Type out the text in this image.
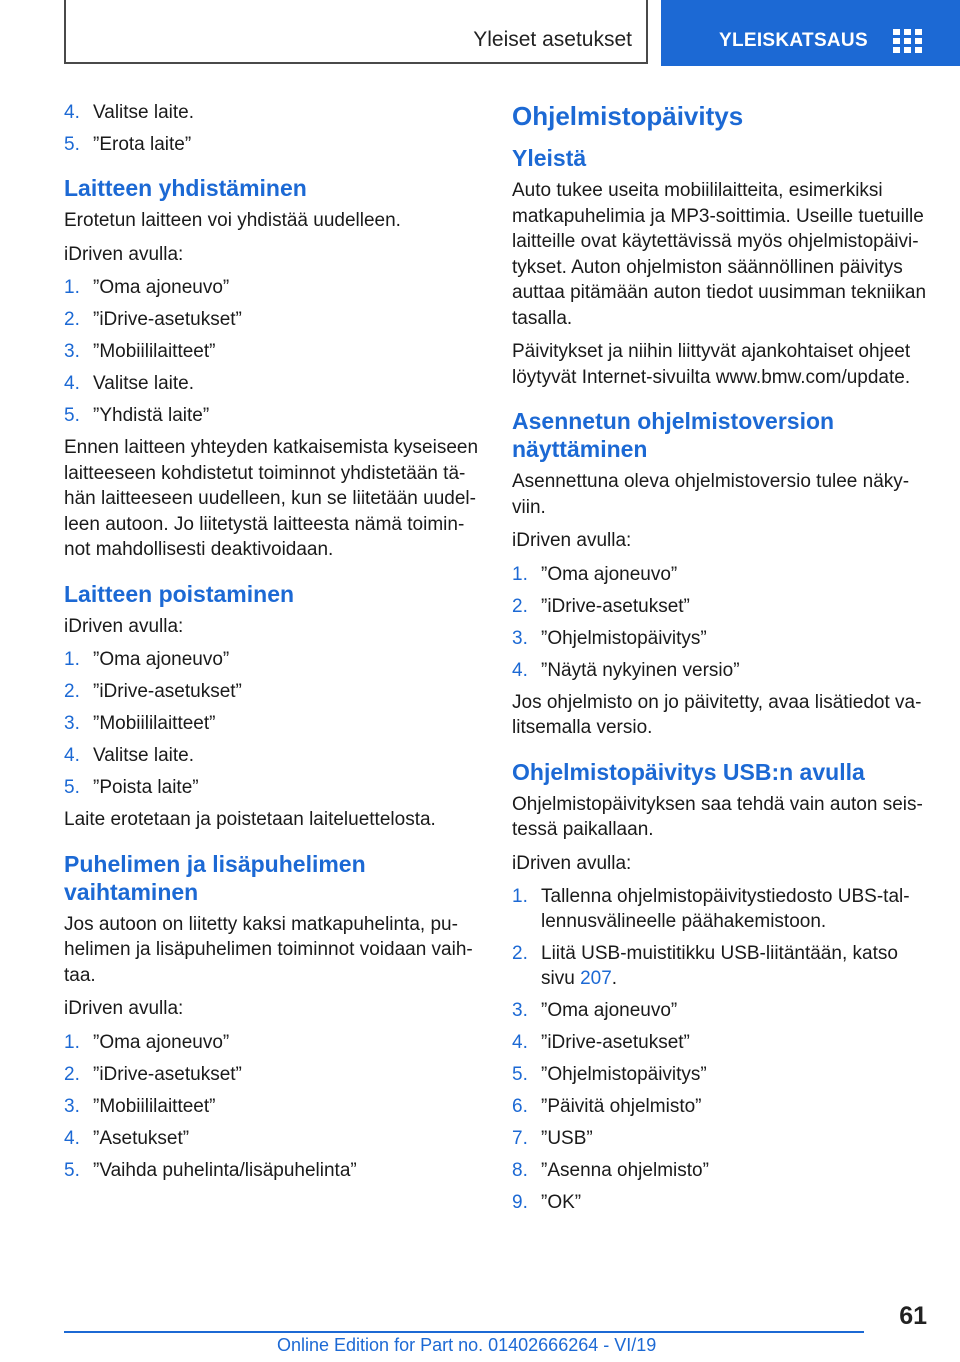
Yleiset asetukset	YLEISKATSAUS
4. Valitse laite.
5. ”Erota laite”
Laitteen yhdistäminen

Erotetun laitteen voi yhdistää uudelleen.

iDriven avulla:

1. ”Oma ajoneuvo”
2. ”iDrive-asetukset”
3. ”Mobiililaitteet”
4. Valitse laite.
5. ”Yhdistä laite”

Ennen laitteen yhteyden katkaisemista kyseiseen laitteeseen kohdistetut toiminnot yhdistetään tähän laitteeseen uudelleen, kun se liitetään uudelleen autoon. Jo liitetystä laitteesta nämä toiminnot mahdollisesti deaktivoidaan.

Laitteen poistaminen

iDriven avulla:

1. ”Oma ajoneuvo”
2. ”iDrive-asetukset”
3. ”Mobiililaitteet”
4. Valitse laite.
5. ”Poista laite”

Laite erotetaan ja poistetaan laiteluettelosta.

Puhelimen ja lisäpuhelimen vaihtaminen

Jos autoon on liitetty kaksi matkapuhelinta, puhelimen ja lisäpuhelimen toiminnot voidaan vaihtaa.

iDriven avulla:

1. ”Oma ajoneuvo”
2. ”iDrive-asetukset”
3. ”Mobiililaitteet”
4. ”Asetukset”
5. ”Vaihda puhelinta/lisäpuhelinta”
Ohjelmistopäivitys
Yleistä

Auto tukee useita mobiililaitteita, esimerkiksi matkapuhelimia ja MP3-soittimia. Useille tuetuille laitteille ovat käytettävissä myös ohjelmistopäivitykset. Auton ohjelmiston säännöllinen päivitys auttaa pitämään auton tiedot uusimman tekniikan tasalla.

Päivitykset ja niihin liittyvät ajankohtaiset ohjeet löytyvät Internet-sivuilta www.bmw.com/update.

Asennetun ohjelmistoversion näyttäminen

Asennettuna oleva ohjelmistoversio tulee näkyviin.

iDriven avulla:

1. ”Oma ajoneuvo”
2. ”iDrive-asetukset”
3. ”Ohjelmistopäivitys”
4. ”Näytä nykyinen versio”

Jos ohjelmisto on jo päivitetty, avaa lisätiedot valitsemalla versio.

Ohjelmistopäivitys USB:n avulla

Ohjelmistopäivityksen saa tehdä vain auton seistessä paikallaan.

iDriven avulla:

1. Tallenna ohjelmistopäivitystiedosto UBS-tallennusvälineelle päähakemistoon.
2. Liitä USB-muistitikku USB-liitäntään, katso sivu 207.
3. ”Oma ajoneuvo”
4. ”iDrive-asetukset”
5. ”Ohjelmistopäivitys”
6. ”Päivitä ohjelmisto”
7. ”USB”
8. ”Asenna ohjelmisto”
9. ”OK”
61
Online Edition for Part no. 01402666264 - VI/19
